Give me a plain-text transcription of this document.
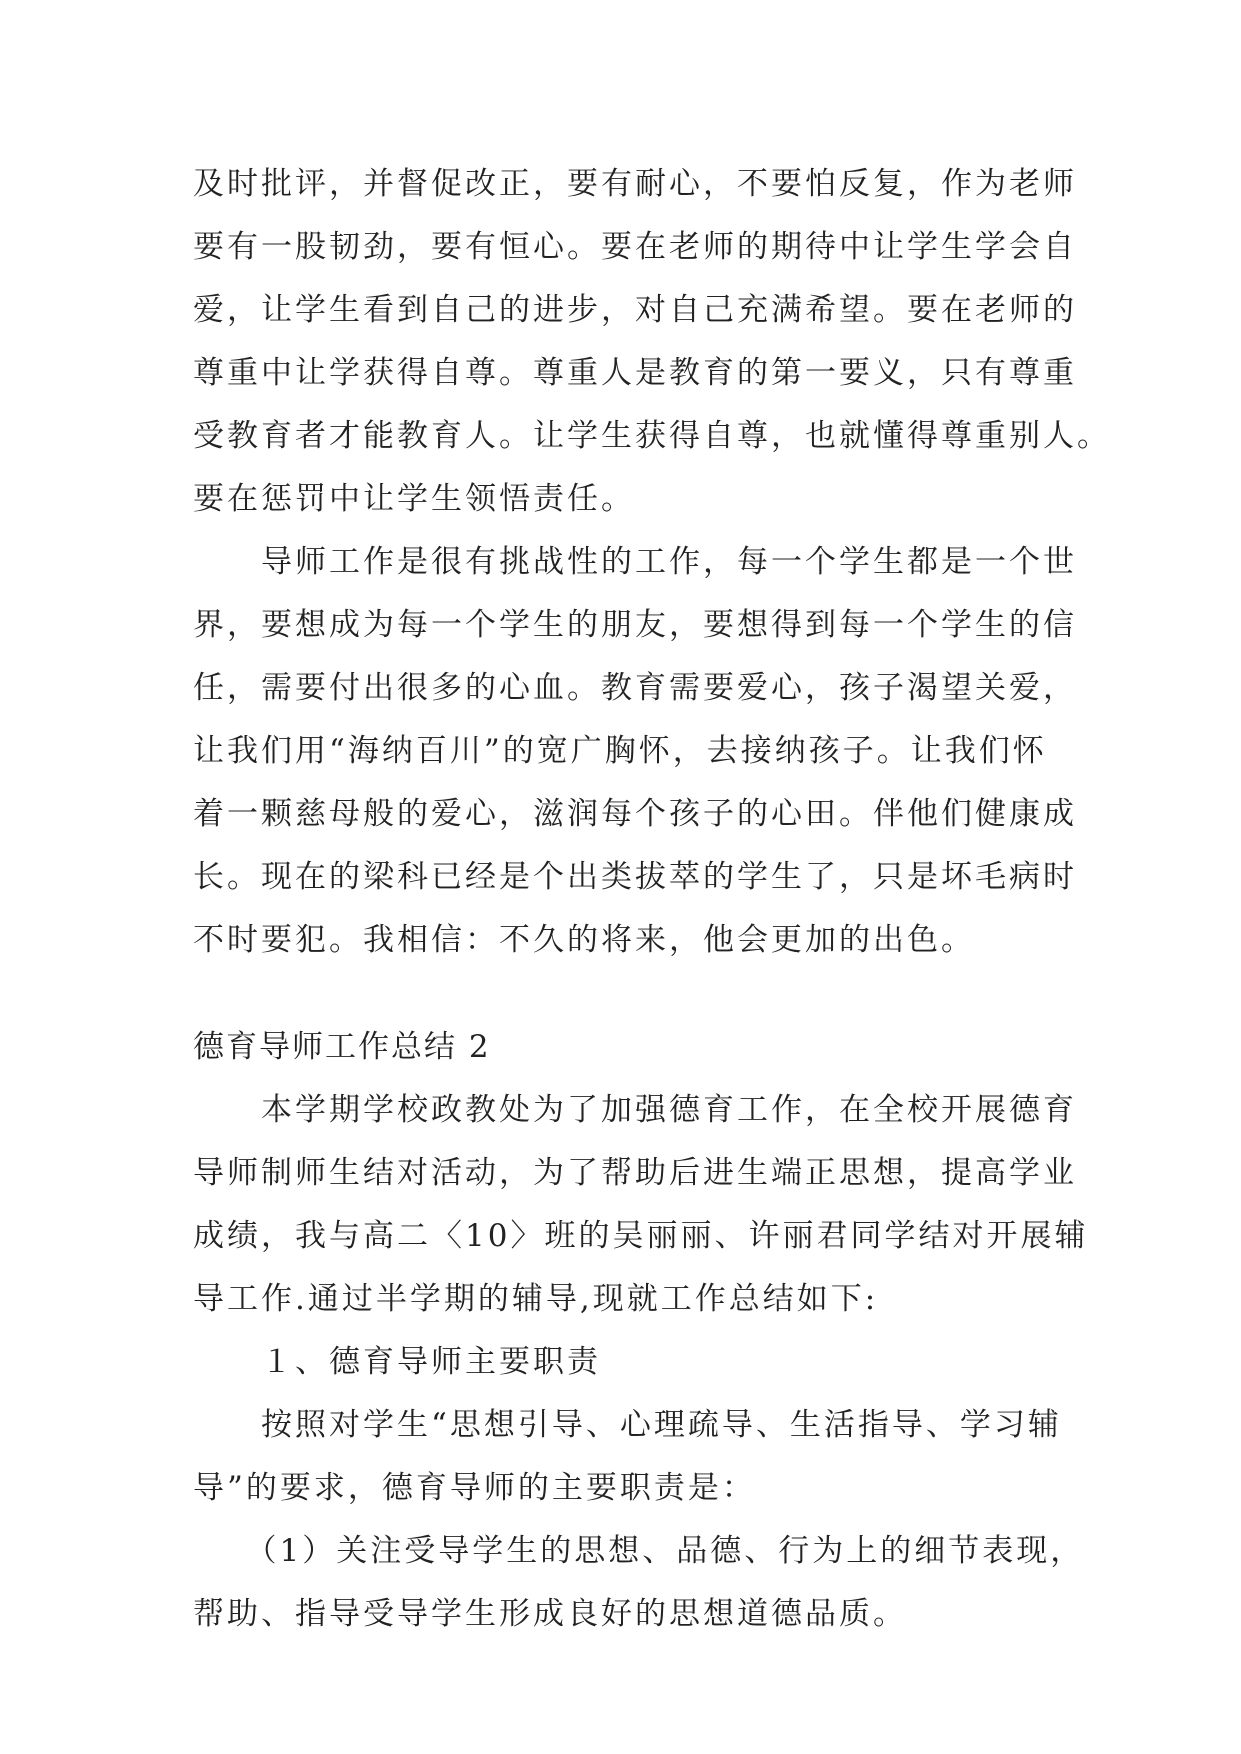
及时批评，并督促改正，要有耐心，不要怕反复，作为老师
要有一股韧劲，要有恒心。要在老师的期待中让学生学会自
爱，让学生看到自己的进步，对自己充满希望。要在老师的
尊重中让学获得自尊。尊重人是教育的第一要义，只有尊重
受教育者才能教育人。让学生获得自尊，也就懂得尊重别人。
要在惩罚中让学生领悟责任。
　　导师工作是很有挑战性的工作，每一个学生都是一个世
界，要想成为每一个学生的朋友，要想得到每一个学生的信
任，需要付出很多的心血。教育需要爱心，孩子渴望关爱，
让我们用“海纳百川”的宽广胸怀，去接纳孩子。让我们怀
着一颗慈母般的爱心，滋润每个孩子的心田。伴他们健康成
长。现在的梁科已经是个出类拔萃的学生了，只是坏毛病时
不时要犯。我相信：不久的将来，他会更加的出色。
德育导师工作总结 2
　　本学期学校政教处为了加强德育工作，在全校开展德育
导师制师生结对活动，为了帮助后进生端正思想，提高学业
成绩，我与高二〈10〉班的吴丽丽、许丽君同学结对开展辅
导工作.通过半学期的辅导,现就工作总结如下:
　　１、德育导师主要职责
　　按照对学生“思想引导、心理疏导、生活指导、学习辅
导”的要求，德育导师的主要职责是：
　　（1）关注受导学生的思想、品德、行为上的细节表现，
帮助、指导受导学生形成良好的思想道德品质。
